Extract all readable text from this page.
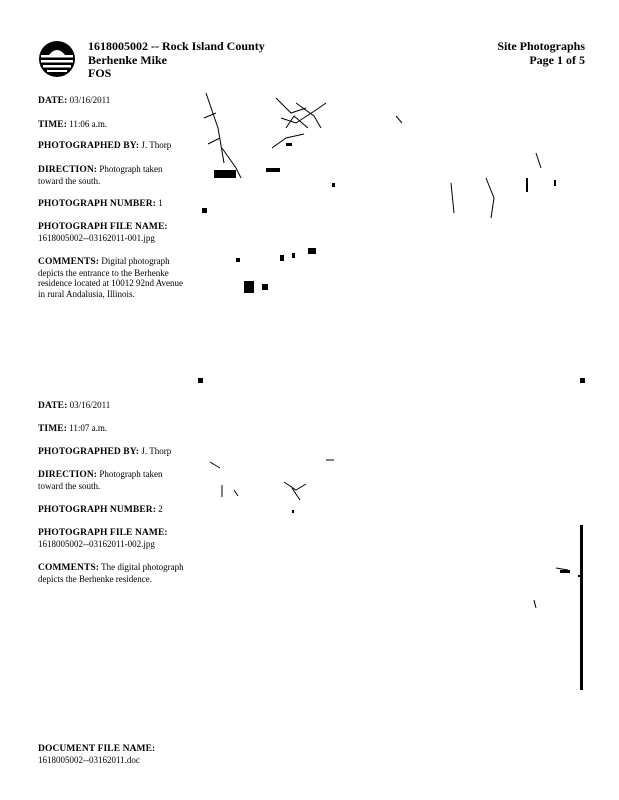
1618005002 -- Rock Island County
Berhenke Mike
FOS
Site Photographs
Page 1 of 5
DATE: 03/16/2011
TIME: 11:06 a.m.
PHOTOGRAPHED BY: J. Thorp
DIRECTION: Photograph taken toward the south.
PHOTOGRAPH NUMBER: 1
PHOTOGRAPH FILE NAME:
1618005002--03162011-001.jpg
COMMENTS: Digital photograph depicts the entrance to the Berhenke residence located at 10012 92nd Avenue in rural Andalusia, Illinois.
DATE: 03/16/2011
TIME: 11:07 a.m.
PHOTOGRAPHED BY: J. Thorp
DIRECTION: Photograph taken toward the south.
PHOTOGRAPH NUMBER: 2
PHOTOGRAPH FILE NAME:
1618005002--03162011-002.jpg
COMMENTS: The digital photograph depicts the Berhenke residence.
DOCUMENT FILE NAME:
1618005002--03162011.doc
